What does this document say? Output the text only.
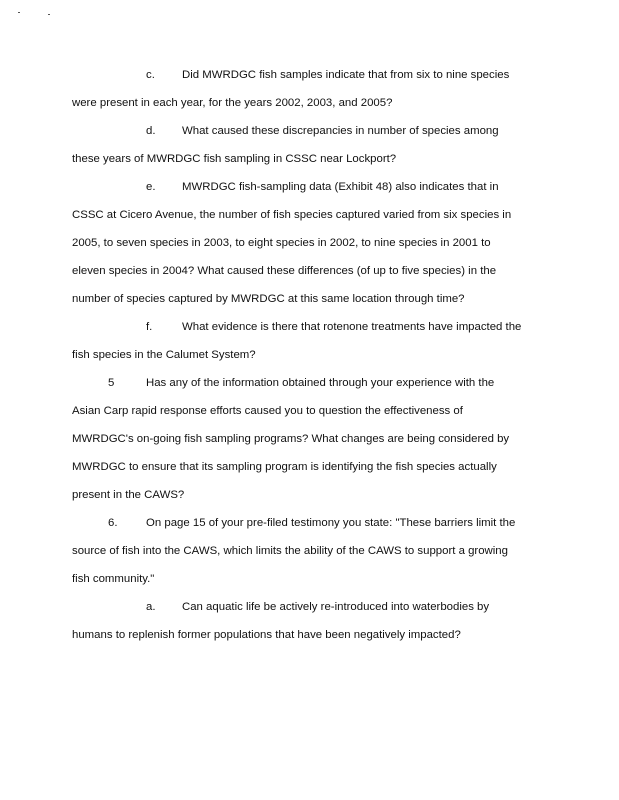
c. Did MWRDGC fish samples indicate that from six to nine species
were present in each year, for the years 2002, 2003, and 2005?
d. What caused these discrepancies in number of species among
these years of MWRDGC fish sampling in CSSC near Lockport?
e. MWRDGC fish-sampling data (Exhibit 48) also indicates that in
CSSC at Cicero Avenue, the number of fish species captured varied from six species in
2005, to seven species in 2003, to eight species in 2002, to nine species in 2001 to
eleven species in 2004? What caused these differences (of up to five species) in the
number of species captured by MWRDGC at this same location through time?
f.	What evidence is there that rotenone treatments have impacted the
fish species in the Calumet System?
5	Has any of the information obtained through your experience with the
Asian Carp rapid response efforts caused you to question the effectiveness of
MWRDGC's on-going fish sampling programs? What changes are being considered by
MWRDGC to ensure that its sampling program is identifying the fish species actually
present in the CAWS?
6.	On page 15 of your pre-filed testimony you state: "These barriers limit the
source of fish into the CAWS, which limits the ability of the CAWS to support a growing
fish community."
a. Can aquatic life be actively re-introduced into waterbodies by
humans to replenish former populations that have been negatively impacted?
